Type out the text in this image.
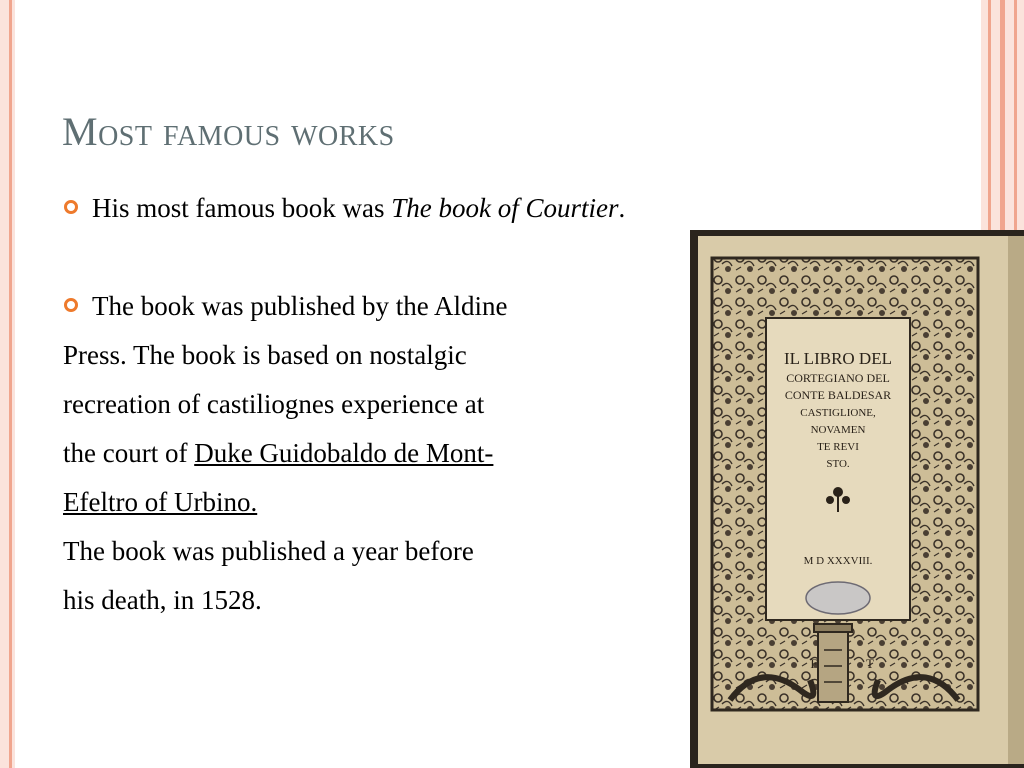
Most famous works

His most famous book was The book of Courtier.

The book was published by the Aldine

Press. The book is based on nostalgic

recreation of castiliognes experience at

the court of Duke Guidobaldo de Mont-

Efeltro of Urbino.

The book was published a year before

his death, in 1528.

IL LIBRO DEL
CORTEGIANO DEL
CONTE BALDESAR
CASTIGLIONE,
NOVAMEN
TE REVI
STO.
M D XXXVIII.
F	T
